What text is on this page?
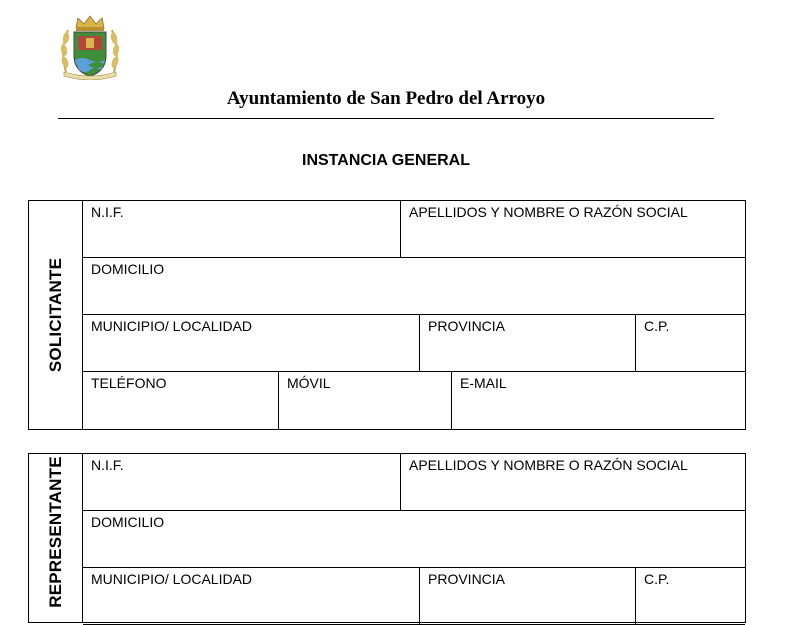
Ayuntamiento de San Pedro del Arroyo
INSTANCIA GENERAL
SOLICITANTE
N.I.F.	APELLIDOS Y NOMBRE O RAZÓN SOCIAL
DOMICILIO
MUNICIPIO/ LOCALIDAD	PROVINCIA	C.P.
TELÉFONO	MÓVIL	E-MAIL
REPRESENTANTE N.I.F.	APELLIDOS Y NOMBRE O RAZÓN SOCIAL
DOMICILIO
MUNICIPIO/ LOCALIDAD	PROVINCIA	C.P.
